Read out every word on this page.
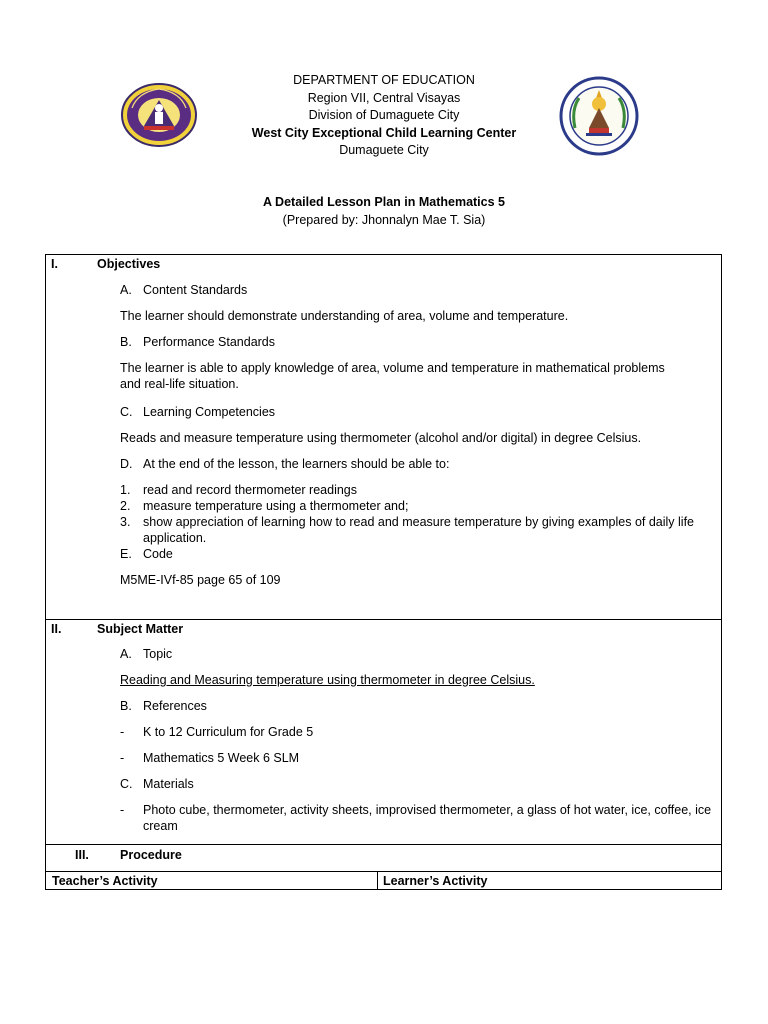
DEPARTMENT OF EDUCATION
Region VII, Central Visayas
Division of Dumaguete City
West City Exceptional Child Learning Center
Dumaguete City
A Detailed Lesson Plan in Mathematics 5
(Prepared by: Jhonnalyn Mae T. Sia)
I.	Objectives
A. Content Standards
The learner should demonstrate understanding of area, volume and temperature.
B. Performance Standards
The learner is able to apply knowledge of area, volume and temperature in mathematical problems and real-life situation.
C. Learning Competencies
Reads and measure temperature using thermometer (alcohol and/or digital) in degree Celsius.
D. At the end of the lesson, the learners should be able to:
1. read and record thermometer readings
2. measure temperature using a thermometer and;
3. show appreciation of learning how to read and measure temperature by giving examples of daily life application.
E. Code
M5ME-IVf-85 page 65 of 109
II.	Subject Matter
A. Topic
Reading and Measuring temperature using thermometer in degree Celsius.
B. References
- K to 12 Curriculum for Grade 5
- Mathematics 5 Week 6 SLM
C. Materials
- Photo cube, thermometer, activity sheets, improvised thermometer, a glass of hot water, ice, coffee, ice cream
III. Procedure
Teacher’s Activity	Learner’s Activity
